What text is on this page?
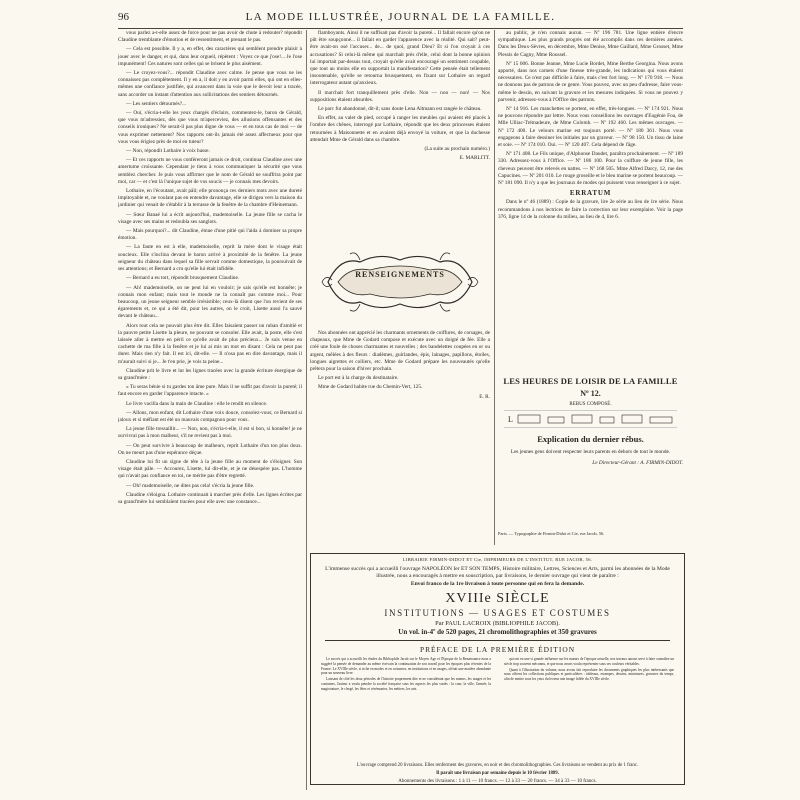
96	LA MODE ILLUSTRÉE, JOURNAL DE LA FAMILLE.

vous parlez a-t-elle assez de force pour ne pas avoir de chute à redouter? répondit Claudine tremblante d'émotion et de ressentiment, et prenant le pas.

— Cela est possible. Il y a, en effet, des caractères qui semblent prendre plaisir à jouer avec le danger, et qui, dans leur orgueil, répètent : Voyez ce que j'ose!... Je l'ose impunément! Ces natures sont celles qui se brisent le plus aisément.

— Le croyez-vous?... répondit Claudine avec calme. Je pense que vous ne les connaissez pas complètement. Il y en a, il doit y en avoir parmi elles, qui ont en elles-mêmes une confiance justifiée, qui avancent dans la voie que le devoir leur a tracée, sans accorder un instant d'attention aux sollicitations des sentiers détournés.

— Les sentiers détournés?...

— Oui, s'écria-t-elle les yeux chargés d'éclairs, commentez-le, baron de Gérald, que vous m'adressiez, dès que vous m'aperceviez, des allusions offensantes et des conseils ironiques? Ne serait-il pas plus digne de vous — et en tous cas de moi — de vous exprimer nettement? Nos rapports ont-ils jamais été assez affectueux pour que vous vous érigiez près de moi en tuteur?

— Non, répondit Lothaire à voix basse.

— Et ces rapports ne vous conféreront jamais ce droit, continua Claudine avec une amertume croissante. Cependant je tiens à vous communiquer la sécurité que vous semblez chercher. Je puis vous affirmer que le nom de Gérald ne souffrira point par moi, car — et c'est là l'unique sujet de vos soucis — je connais mes devoirs.

Lothaire, en l'écoutant, avait pâli; elle prononça ces derniers mots avec une dureté impitoyable et, ne voulant pas en entendre davantage, elle se dirigea vers la maison du jardinier qui venait de s'établir à la terrasse de la fenêtre de la chambre d'Heinemann.

— Sœur Banaé lui a écrit aujourd'hui, mademoiselle. La jeune fille se cacha le visage avec ses mains et redoubla ses sanglots.

— Mais pourquoi?... dit Claudine, émue d'une pitié qui l'aida à dominer sa propre émotion.

— La faute en est à elle, mademoiselle, reprit la mère dont le visage était soucieux. Elle s'inclina devant le baron arrivé à proximité de la fenêtre. La jeune seigneur du château dans lequel sa fille servait comme domestique, la poursuivait de ses attentions; et Bernard a cru qu'elle lui était infidèle.

— Bernard a eu tort, répondit brusquement Claudine.

— Ah! mademoiselle, on ne peut lui en vouloir; je sais qu'elle est honnête; je connais mon enfant; mais tout le monde ne la connaît pas comme moi... Pour beaucoup, un jeune seigneur semble irrésistible; ceux-là disent que l'on revient de ses égarements et, ce qui a été dit, pour les autres, on le croit, Lisette aussi l'a sauvé devant le château...

Alors tout cela ne pouvait plus être dit. Elles faisaient passer un ruban d'amitié et la pauvre petite Lisette la pleure, ne pouvant se consoler. Elle avait, la poste, elle s'est laissée aller à mettre en péril ce qu'elle avait de plus précieux... Je suis venue en cachette de ma fille à la fenêtre et je lui ai mis un mot en disant : Cela ne peut pas durer. Mais rien n'y fait. Il est ici, dit-elle. — Il n'osa pas en dire davantage, mais il m'aurait suivi si je... Je t'en prie, je vois ta peine...

Claudine prit le livre et lut les lignes tracées avec la grande écriture énergique de sa grand'mère :

« Tu seras bénie si tu gardes ton âme pure. Mais il ne suffit pas d'avoir la pureté; il faut encore en garder l'apparence intacte. »

Le livre vacilla dans la main de Claudine : elle le rendit en silence.

— Allons, mon enfant, dit Lothaire d'une voix douce, consolez-vous; ce Bernard si jaloux et si méfiant est été un mauvais compagnon pour vous.

La jeune fille tressaillit... — Non, non, s'écria-t-elle, il est si bon, si honnête! je ne survivrai pas à mon malheur, s'il ne revient pas à moi.

— On peut survivre à beaucoup de malheurs, reprit Lothaire d'un ton plus doux. On ne meurt pas d'une espérance déçue.

Claudine lui fit un signe de tête à la jeune fille au moment de s'éloigner. Son visage était pâle. — Accourez, Lisette, lui dit-elle, et je ne désespère pas. L'homme qui n'avait pas confiance en toi, ne mérite pas d'être regretté.

— Oh! mademoiselle, ne dites pas cela! s'écria la jeune fille.

Claudine s'éloigna. Lothaire continuait à marcher près d'elle. Les lignes écrites par sa grand'mère lui semblaient tracées pour elle avec une constance...

flamboyants. Ainsi il ne suffisait pas d'avoir la pureté... Il fallait encore qu'on ne pût être soupçonné... il fallait en garder l'apparence avec la réalité. Qui sait? peut-être avait-on osé l'accuser... de... de quoi, grand Dieu? Et si l'on croyait à ces accusations? Si celui-là même qui marchait près d'elle, celui dont la bonne opinion lui importait par-dessus tout, croyait qu'elle avait encouragé un sentiment coupable, que tout au moins elle en supportait la manifestation? Cette pensée était tellement insoutenable, qu'elle se retourna brusquement, en fixant sur Lothaire un regard interrogateur autant qu'anxieux.

Il marchait fort tranquillement près d'elle. Non — non — non! — Nos suppositions étaient absurdes.

Le parc fut abandonné, dit-il; sans doute Lena Altmann est rangée le château.

En effet, au valet de pied, occupé à ranger les meubles qui avaient été placés à l'ombre des chênes, interrogé par Lothaire, répondit que les deux princesses étaient retournées à Maisonnette et en avaient déjà envoyé la voiture, et que la duchesse attendait Mme de Gérald dans sa chambre.

(La suite au prochain numéro.)
E. MARLITT.
RENSEIGNEMENTS

Nos abonnées ont apprécié les charmants ornements de coiffures, de corsages, de chapeaux, que Mme de Godard compose et exécute avec un doigté de fée. Elle a créé une foule de choses charmantes et nouvelles ; des bandelettes coupées en or ou argent, mêlées à des fleurs : diadèmes, guirlandes, épis, lainages, papillons, étoiles, longues aigrettes et colliers, etc. Mme de Godard prépare les nouveautés qu'elle prêtera pour la saison d'hiver prochain.

Le port est à la charge du destinataire.

Mme de Godard habite rue du Chemin-Vert, 125.

E. R.

au public, je n'en connais aucun. — Nº 196 781. Une ligne entière d'encre sympathique. Les plus grands progrès ont été accomplis dans ces dernières années. Dans les Deux-Sèvres, en décembre, Mme Denise, Mme Gaillard, Mme Grosset, Mme Plessis de Cagny, Mme Roussel.

Nº 15 006. Bonne Jeanne, Mme Lucie Bordet, Mme Berthe Georgina. Nous avons apporté, dans nos carnets d'une finesse très-grande, les indications qui vous étaient nécessaires. Ce n'est pas difficile à faire, mais c'est fort long. — Nº 170 918. — Nous ne donnons pas de patrons de ce genre. Vous pouvez, avec un peu d'adresse, faire vous-même le dessin, en suivant la gravure et les mesures indiquées. Si vous ne pouvez y parvenir, adressez-vous à l'Office des patrons.

Nº 14 916. Les manchettes se portent, en effet, très-longues. — Nº 174 921. Nous ne pouvons répondre par lettre. Nous vous conseillons les ouvrages d'Eugénie Foa, de Mlle Ulliac-Trémadeure, de Mme Colomb. — Nº 192 460. Les mêmes ouvrages. — Nº 172 400. Le velours marine est toujours porté. — Nº 180 361. Nous vous engageons à faire dessiner les initiales par un graveur. — Nº 98 150. Un tissu de laine et soie. — Nº 174 010. Oui. — Nº 120 407. Cela dépend de l'âge.

Nº 171 408. Le Fils unique, d'Alphonse Daudet, paraîtra prochainement. — Nº 189 330. Adressez-vous à l'Office. — Nº 186 100. Pour la coiffure de jeune fille, les cheveux peuvent être relevés en nattes. — Nº 168 505. Mme Alfred Darcy, 12, rue des Capucines. — Nº 201 010. Le rouge groseille et le bleu marine se portent beaucoup. — Nº 181 090. Il n'y a que les journaux de modes qui puissent vous renseigner à ce sujet.

ERRATUM

Dans le nº 46 (1889) : Copie de la gravure, lire 2e série au lieu de 1re série. Nous recommandons à nos lectrices de faire la correction sur leur exemplaire. Voir la page 376, ligne 14 de la colonne du milieu, au lieu de 4, lire 6.

LES HEURES DE LOISIR DE LA FAMILLE
Nº 12.
REBUS COMPOSÉ.
L
Explication du dernier rébus.
Les jeunes gens doivent respecter leurs parents en dehors de tout le monde.
Le Directeur-Gérant : A. FIRMIN-DIDOT.
Paris. — Typographie de Firmin-Didot et Cie, rue Jacob, 56.
LIBRAIRIE FIRMIN-DIDOT ET Cie, IMPRIMEURS DE L'INSTITUT, RUE JACOB, 56.
L'immense succès qui a accueilli l'ouvrage NAPOLÉON Ier ET SON TEMPS, Histoire militaire, Lettres, Sciences et Arts, parmi les abonnées de la Mode illustrée, nous a encouragés à mettre en souscription, par livraisons, le dernier ouvrage qui vient de paraître :
Envoi franco de la 1re livraison à toute personne qui en fera la demande.
XVIIIe SIÈCLE
INSTITUTIONS — USAGES ET COSTUMES
Par PAUL LACROIX (BIBLIOPHILE JACOB).
Un vol. in-4º de 520 pages, 21 chromolithographies et 350 gravures
PRÉFACE DE LA PREMIÈRE ÉDITION

Le succès qui a accueilli les études du Bibliophile Jacob sur le Moyen Âge et l'Époque de la Renaissance nous a suggéré la pensée de demander au même écrivain la continuation de son travail pour les époques plus récentes de la France. Le XVIIIe siècle, si riche en modes et en costumes, en institutions et en usages, offrait une matière abondante pour un nouveau livre.

Laissant de côté les deux périodes de l'histoire proprement dite et ne considérant que les mœurs, les usages et les coutumes, l'auteur a voulu peindre la société française sous les aspects les plus variés : la cour, la ville, l'armée, la magistrature, le clergé, les fêtes et cérémonies, les métiers, les arts.

qui ont eu une si grande influence sur les mœurs de l'époque actuelle, nos travaux auront servi à faire connaître un siècle trop souvent méconnu, et que nous avons voulu représenter sous ses couleurs véritables.

Quant à l'illustration du volume, nous avons fait reproduire les documents graphiques les plus intéressants que nous offrent les collections publiques et particulières : tableaux, estampes, dessins, miniatures, gravures du temps, afin de mettre sous les yeux du lecteur une image fidèle du XVIIIe siècle.

L'ouvrage comprend 20 livraisons. Elles renferment des gravures, en noir et des chromolithographies. Ces livraisons se vendent au prix de 1 franc.
Il paraît une livraison par semaine depuis le 10 février 1889.
Abonnements des livraisons : 1 à 11 — 10 francs. — 12 à 33 — 20 francs. — 34 à 33 — 10 francs.
